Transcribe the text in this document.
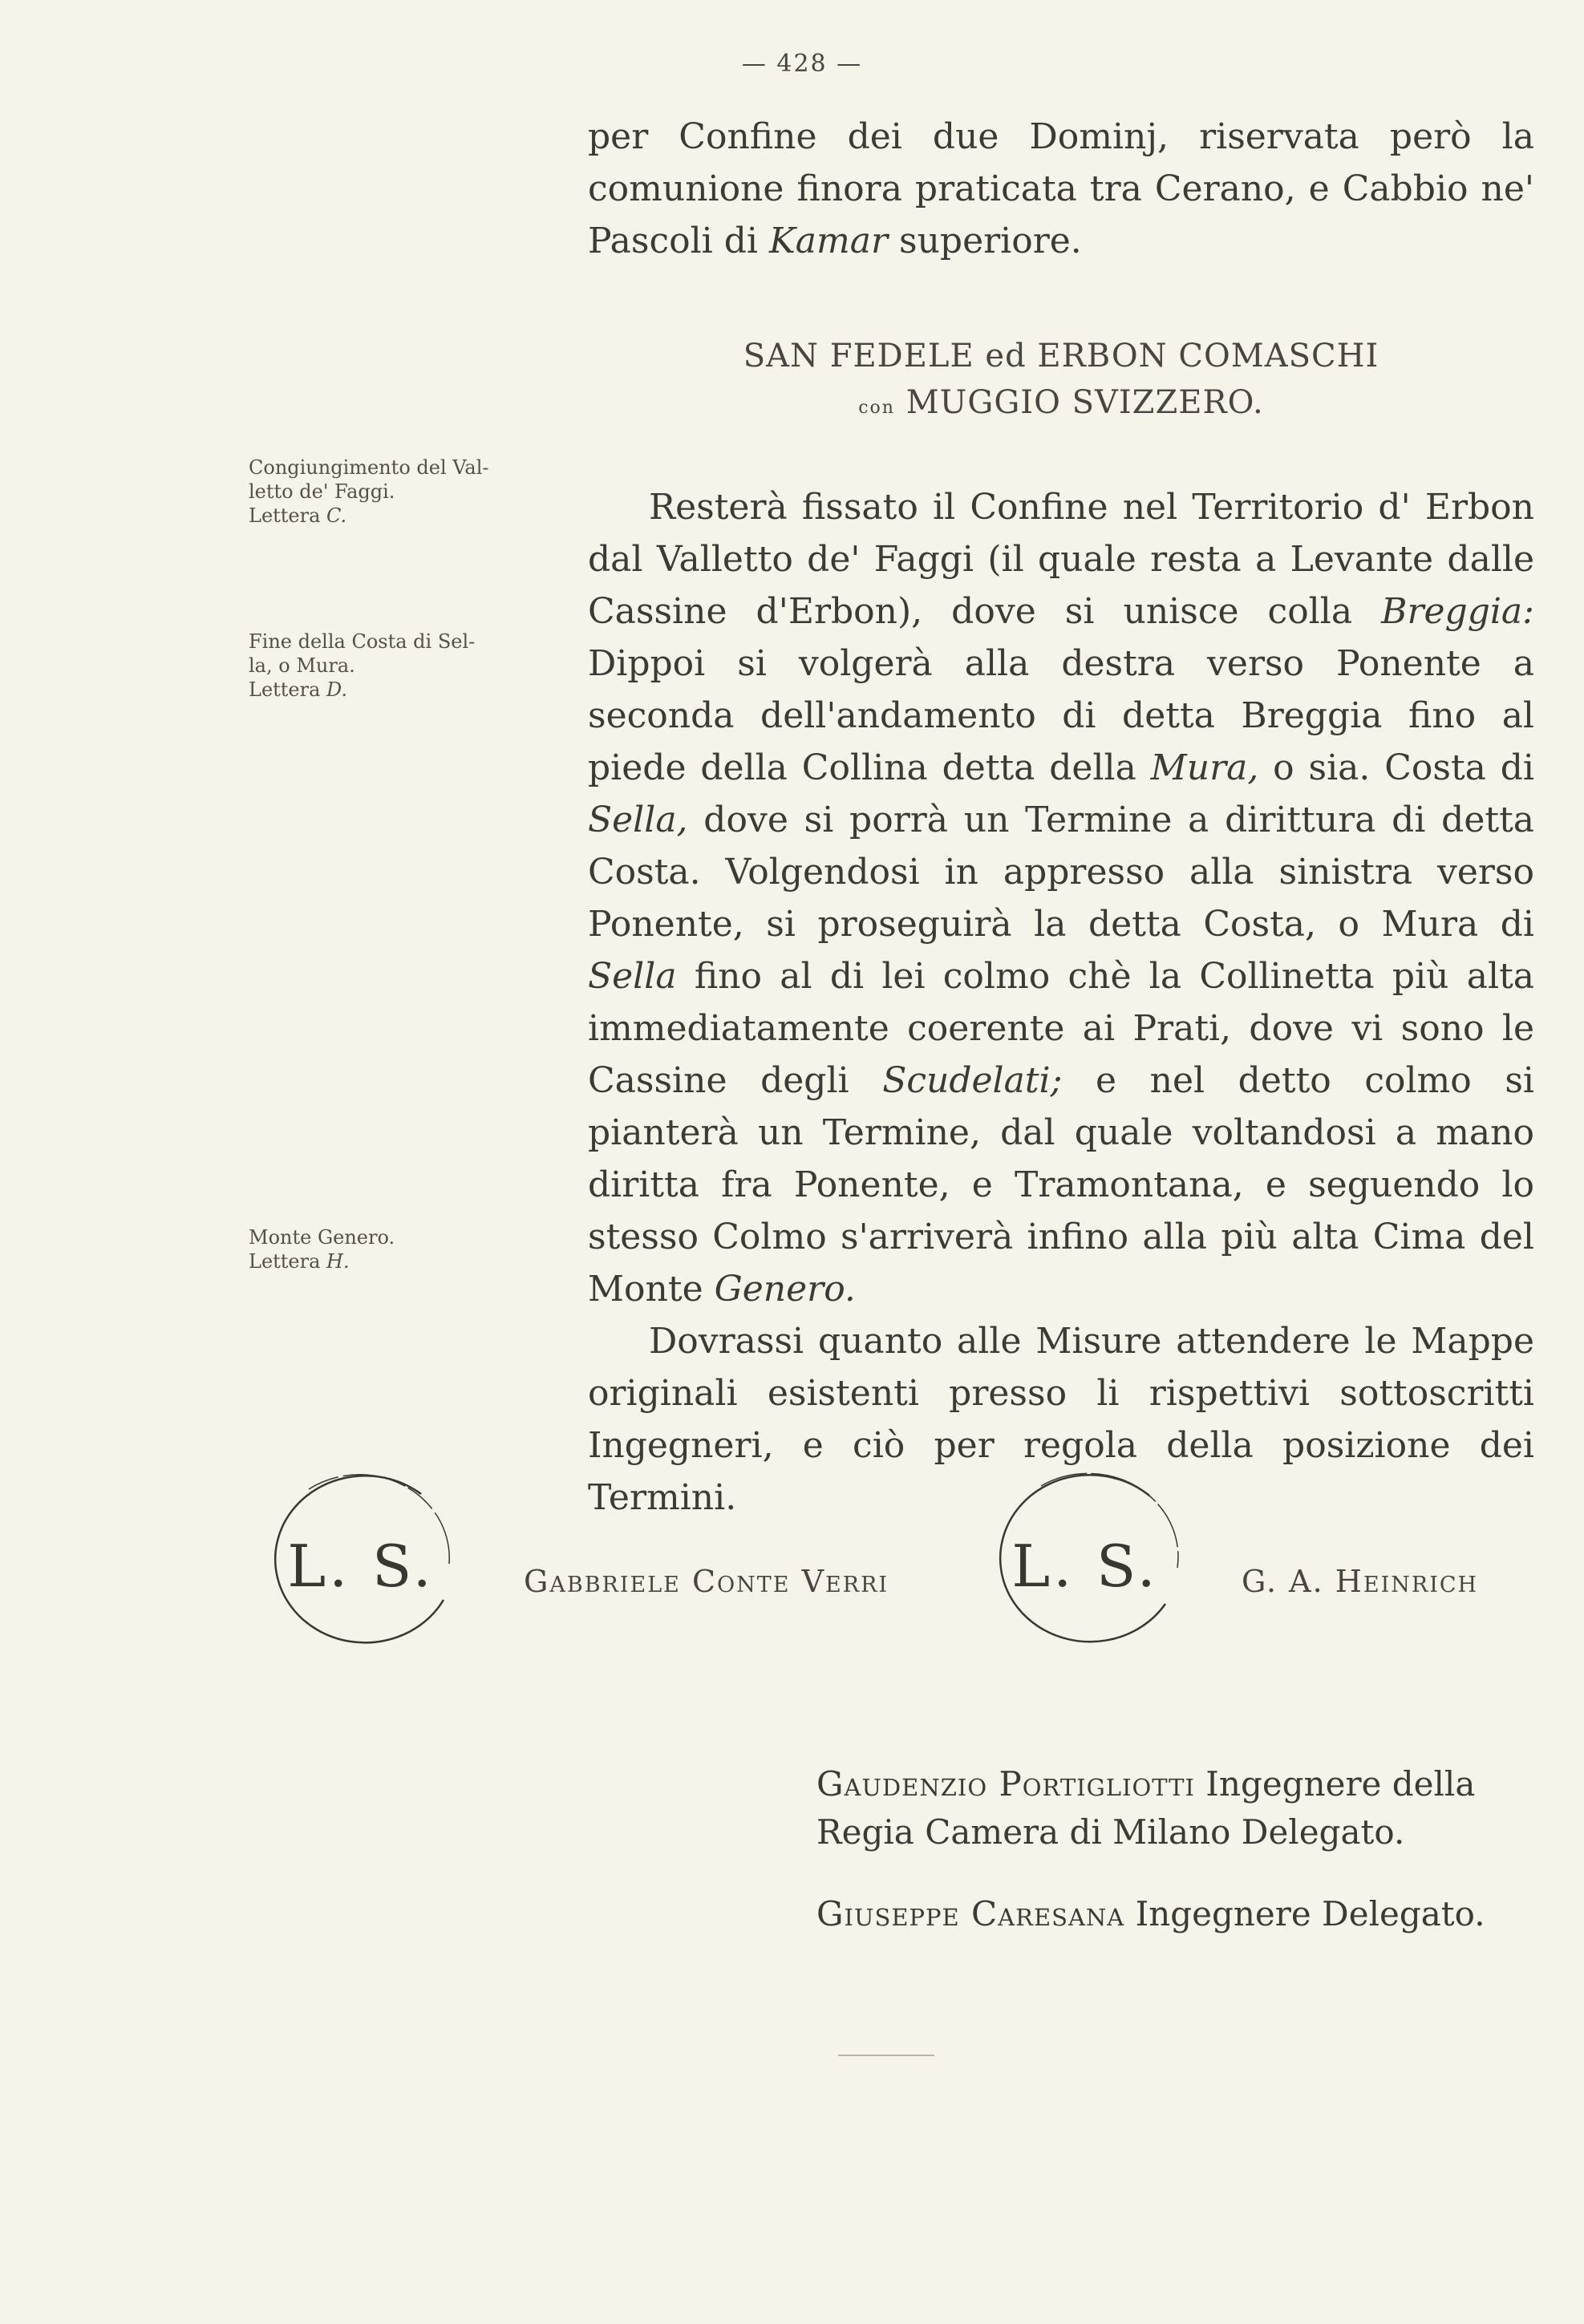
— 428 —

per Confine dei due Dominj, riservata però la comunione finora praticata tra Cerano, e Cabbio ne' Pascoli di Kamar superiore.

SAN FEDELE ed ERBON COMASCHI
con MUGGIO SVIZZERO.
Congiungimento del Val-
letto de' Faggi.
Lettera C.
Fine della Costa di Sel-
la, o Mura.
Lettera D.
Monte Genero.
Lettera H.

Resterà fissato il Confine nel Territorio d' Erbon dal Valletto de' Faggi (il quale resta a Levante dalle Cassine d'Erbon), dove si unisce colla Breggia: Dippoi si volgerà alla destra verso Ponente a seconda dell'andamento di detta Breggia fino al piede della Collina detta della Mura, o sia. Costa di Sella, dove si porrà un Termine a dirittura di detta Costa. Volgendosi in appresso alla sinistra verso Ponente, si proseguirà la detta Costa, o Mura di Sella fino al di lei colmo chè la Collinetta più alta immediatamente coerente ai Prati, dove vi sono le Cassine degli Scudelati; e nel detto colmo si pianterà un Termine, dal quale voltandosi a mano diritta fra Ponente, e Tramontana, e seguendo lo stesso Colmo s'arriverà infino alla più alta Cima del Monte Genero.

Dovrassi quanto alle Misure attendere le Mappe originali esistenti presso li rispettivi sottoscritti Ingegneri, e ciò per regola della posizione dei Termini.

L. S.	Gabbriele Conte Verri	L. S.	G. A. Heinrich
Gaudenzio Portigliotti Ingegnere della Regia Camera di Milano Delegato.
Giuseppe Caresana Ingegnere Delegato.
